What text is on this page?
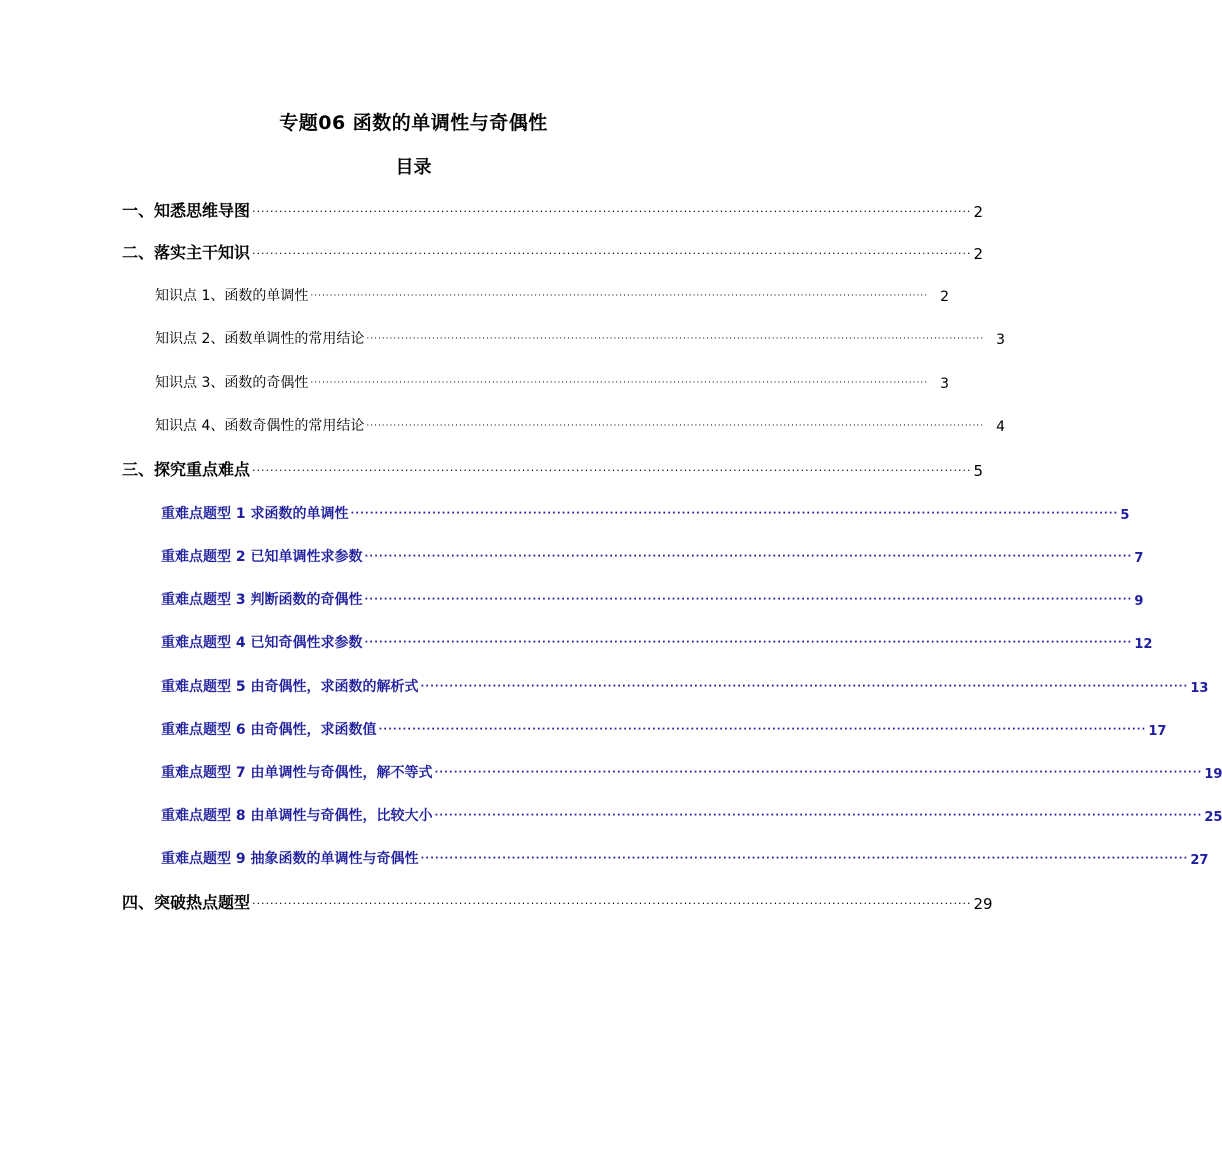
专题06 函数的单调性与奇偶性
目录
一、知悉思维导图 ································································································································································ 2
二、落实主干知识 ································································································································································ 2
知识点 1、函数的单调性 ································································································································································ 2
知识点 2、函数单调性的常用结论 ································································································································································ 3
知识点 3、函数的奇偶性 ································································································································································ 3
知识点 4、函数奇偶性的常用结论 ································································································································································ 4
三、探究重点难点 ································································································································································ 5
重难点题型 1 求函数的单调性 ································································································································································ 5
重难点题型 2 已知单调性求参数 ································································································································································ 7
重难点题型 3 判断函数的奇偶性 ································································································································································ 9
重难点题型 4 已知奇偶性求参数 ································································································································································ 12
重难点题型 5 由奇偶性，求函数的解析式 ································································································································································ 13
重难点题型 6 由奇偶性，求函数值 ································································································································································ 17
重难点题型 7 由单调性与奇偶性，解不等式 ································································································································································ 19
重难点题型 8 由单调性与奇偶性，比较大小 ································································································································································ 25
重难点题型 9 抽象函数的单调性与奇偶性 ································································································································································ 27
四、突破热点题型 ································································································································································ 29
